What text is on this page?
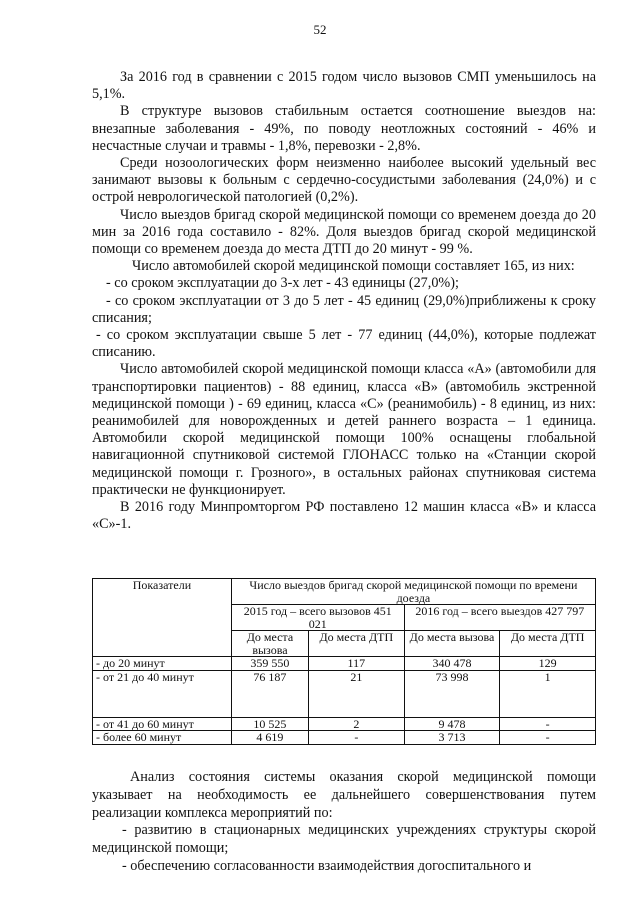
52

За 2016 год в сравнении с 2015 годом число вызовов СМП уменьшилось на 5,1%.

В структуре вызовов стабильным остается соотношение выездов на: внезапные заболевания - 49%, по поводу неотложных состояний - 46% и несчастные случаи и травмы - 1,8%, перевозки - 2,8%.

Среди нозоологических форм неизменно наиболее высокий удельный вес занимают вызовы к больным с сердечно-сосудистыми заболевания (24,0%) и с острой неврологической патологией (0,2%).

Число выездов бригад скорой медицинской помощи со временем доезда до 20 мин за 2016 года составило - 82%. Доля выездов бригад скорой медицинской помощи со временем доезда до места ДТП до 20 минут - 99 %.

Число автомобилей скорой медицинской помощи составляет 165, из них:

- со сроком эксплуатации до 3-х лет - 43 единицы (27,0%);

- со сроком эксплуатации от 3 до 5 лет - 45 единиц (29,0%)приближены к сроку списания;

- со сроком эксплуатации свыше 5 лет - 77 единиц (44,0%), которые подлежат списанию.

Число автомобилей скорой медицинской помощи класса «А» (автомобили для транспортировки пациентов) - 88 единиц, класса «В» (автомобиль экстренной медицинской помощи ) - 69 единиц, класса «С» (реанимобиль) - 8 единиц, из них: реанимобилей для новорожденных и детей раннего возраста – 1 единица. Автомобили скорой медицинской помощи 100% оснащены глобальной навигационной спутниковой системой ГЛОНАСС только на «Станции скорой медицинской помощи г. Грозного», в остальных районах спутниковая система практически не функционирует.

В 2016 году Минпромторгом РФ поставлено 12 машин класса «В» и класса «С»-1.

Показатели	Число выездов бригад скорой медицинской помощи по времени доезда			
	2015 год – всего вызовов 451 021		2016 год – всего выездов 427 797	
	До места вызова	До места ДТП	До места вызова	До места ДТП
- до 20 минут	359 550	117	340 478	129
- от 21 до 40 минут	76 187	21	73 998	1
- от 41 до 60 минут	10 525	2	9 478	-
- более 60 минут	4 619	-	3 713	-

Анализ состояния системы оказания скорой медицинской помощи указывает на необходимость ее дальнейшего совершенствования путем реализации комплекса мероприятий по:

- развитию в стационарных медицинских учреждениях структуры скорой медицинской помощи;

- обеспечению согласованности взаимодействия догоспитального и
